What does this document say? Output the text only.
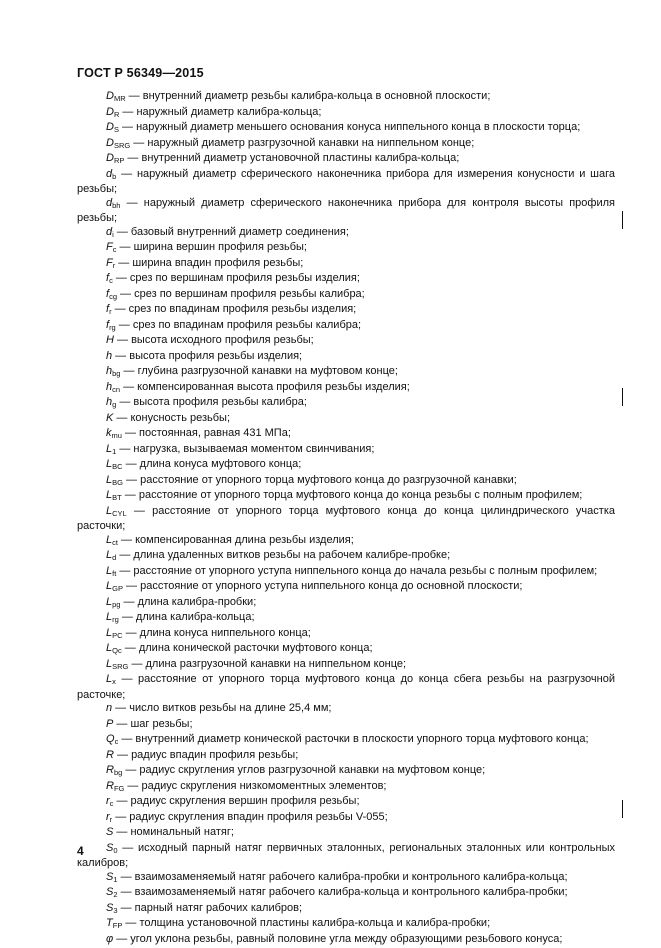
ГОСТ Р 56349—2015

$D_{MR}$ — внутренний диаметр резьбы калибра-кольца в основной плоскости;

$D_R$ — наружный диаметр калибра-кольца;

$D_S$ — наружный диаметр меньшего основания конуса ниппельного конца в плоскости торца;

$D_{SRG}$ — наружный диаметр разгрузочной канавки на ниппельном конце;

$D_{RP}$ — внутренний диаметр установочной пластины калибра-кольца;

$d_b$ — наружный диаметр сферического наконечника прибора для измерения конусности и шага резьбы;

$d_{bh}$ — наружный диаметр сферического наконечника прибора для контроля высоты профиля резьбы;

$d_i$ — базовый внутренний диаметр соединения;

$F_c$ — ширина вершин профиля резьбы;

$F_r$ — ширина впадин профиля резьбы;

$f_c$ — срез по вершинам профиля резьбы изделия;

$f_{cg}$ — срез по вершинам профиля резьбы калибра;

$f_r$ — срез по впадинам профиля резьбы изделия;

$f_{rg}$ — срез по впадинам профиля резьбы калибра;

H — высота исходного профиля резьбы;

h — высота профиля резьбы изделия;

$h_{bg}$ — глубина разгрузочной канавки на муфтовом конце;

$h_{cn}$ — компенсированная высота профиля резьбы изделия;

$h_g$ — высота профиля резьбы калибра;

K — конусность резьбы;

$k_{mu}$ — постоянная, равная 431 МПа;

$L_1$ — нагрузка, вызываемая моментом свинчивания;

$L_{BC}$ — длина конуса муфтового конца;

$L_{BG}$ — расстояние от упорного торца муфтового конца до разгрузочной канавки;

$L_{BT}$ — расстояние от упорного торца муфтового конца до конца резьбы с полным профилем;

$L_{CYL}$ — расстояние от упорного торца муфтового конца до конца цилиндрического участка расточки;

$L_{ct}$ — компенсированная длина резьбы изделия;

$L_d$ — длина удаленных витков резьбы на рабочем калибре-пробке;

$L_{ft}$ — расстояние от упорного уступа ниппельного конца до начала резьбы с полным профилем;

$L_{GP}$ — расстояние от упорного уступа ниппельного конца до основной плоскости;

$L_{pg}$ — длина калибра-пробки;

$L_{rg}$ — длина калибра-кольца;

$L_{PC}$ — длина конуса ниппельного конца;

$L_{Qc}$ — длина конической расточки муфтового конца;

$L_{SRG}$ — длина разгрузочной канавки на ниппельном конце;

$L_x$ — расстояние от упорного торца муфтового конца до конца сбега резьбы на разгрузочной расточке;

n — число витков резьбы на длине 25,4 мм;

P — шаг резьбы;

$Q_c$ — внутренний диаметр конической расточки в плоскости упорного торца муфтового конца;

R — радиус впадин профиля резьбы;

$R_{bg}$ — радиус скругления углов разгрузочной канавки на муфтовом конце;

$R_{FG}$ — радиус скругления низкомоментных элементов;

$r_c$ — радиус скругления вершин профиля резьбы;

$r_r$ — радиус скругления впадин профиля резьбы V-055;

S — номинальный натяг;

$S_0$ — исходный парный натяг первичных эталонных, региональных эталонных или контрольных калибров;

$S_1$ — взаимозаменяемый натяг рабочего калибра-пробки и контрольного калибра-кольца;

$S_2$ — взаимозаменяемый натяг рабочего калибра-кольца и контрольного калибра-пробки;

$S_3$ — парный натяг рабочих калибров;

$T_{FP}$ — толщина установочной пластины калибра-кольца и калибра-пробки;

φ — угол уклона резьбы, равный половине угла между образующими резьбового конуса;

4
